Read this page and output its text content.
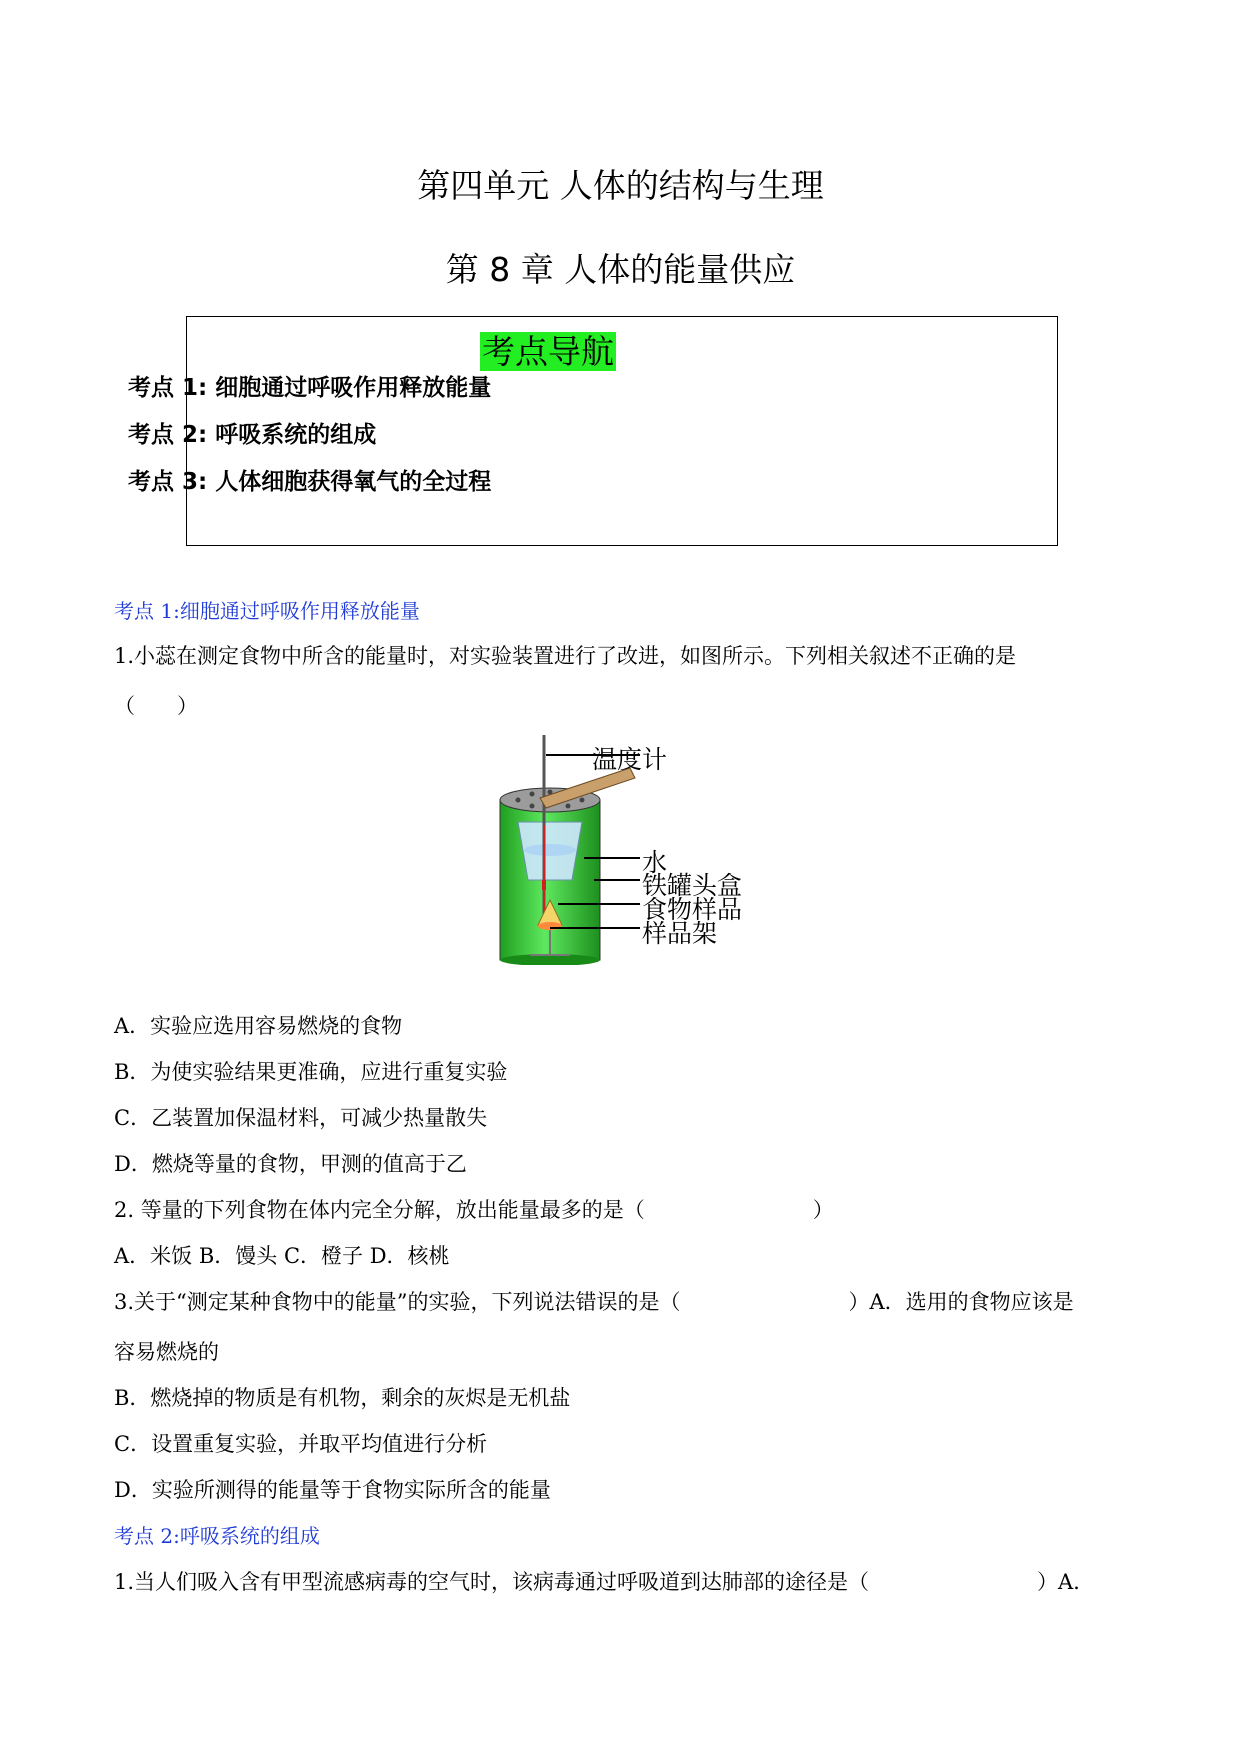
第四单元 人体的结构与生理
第 8 章 人体的能量供应
考点导航
考点 1: 细胞通过呼吸作用释放能量
考点 2: 呼吸系统的组成
考点 3: 人体细胞获得氧气的全过程
考点 1:细胞通过呼吸作用释放能量
1.小蕊在测定食物中所含的能量时，对实验装置进行了改进，如图所示。下列相关叙述不正确的是
（　　）
温度计
水
铁罐头盒
食物样品
样品架
A．实验应选用容易燃烧的食物
B．为使实验结果更准确，应进行重复实验
C．乙装置加保温材料，可减少热量散失
D．燃烧等量的食物，甲测的值高于乙
2. 等量的下列食物在体内完全分解，放出能量最多的是（　　　　　　　　）
A．米饭 B．馒头 C．橙子 D．核桃
3.关于“测定某种食物中的能量”的实验，下列说法错误的是（　　　　　　　　）A．选用的食物应该是
容易燃烧的
B．燃烧掉的物质是有机物，剩余的灰烬是无机盐
C．设置重复实验，并取平均值进行分析
D．实验所测得的能量等于食物实际所含的能量
考点 2:呼吸系统的组成
1.当人们吸入含有甲型流感病毒的空气时，该病毒通过呼吸道到达肺部的途径是（　　　　　　　　）A．
